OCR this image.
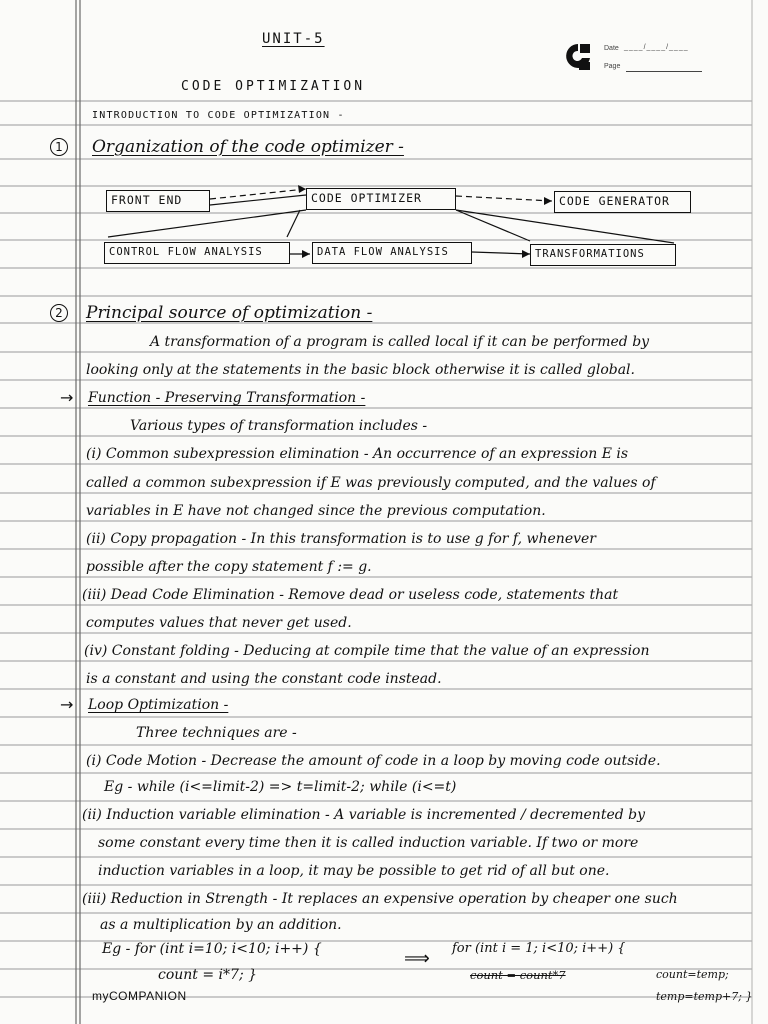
UNIT-5
Date ____/____/____
Page
CODE OPTIMIZATION
INTRODUCTION TO CODE OPTIMIZATION -
1	Organization of the code optimizer -
FRONT END	CODE OPTIMIZER	CODE GENERATOR
CONTROL FLOW ANALYSIS	DATA FLOW ANALYSIS	TRANSFORMATIONS
2	Principal source of optimization -
A transformation of a program is called local if it can be performed by
looking only at the statements in the basic block otherwise it is called global.
→ Function - Preserving Transformation -
Various types of transformation includes -
(i) Common subexpression elimination - An occurrence of an expression E is
called a common subexpression if E was previously computed, and the values of
variables in E have not changed since the previous computation.
(ii) Copy propagation - In this transformation is to use g for f, whenever
possible after the copy statement f := g.
(iii) Dead Code Elimination - Remove dead or useless code, statements that
computes values that never get used.
(iv) Constant folding - Deducing at compile time that the value of an expression
is a constant and using the constant code instead.
→ Loop Optimization -
Three techniques are -
(i) Code Motion - Decrease the amount of code in a loop by moving code outside.
Eg - while (i<=limit-2) => t=limit-2; while (i<=t)
(ii) Induction variable elimination - A variable is incremented / decremented by
some constant every time then it is called induction variable. If two or more
induction variables in a loop, it may be possible to get rid of all but one.
(iii) Reduction in Strength - It replaces an expensive operation by cheaper one such
as a multiplication by an addition.
Eg - for (int i=10; i<10; i++) {
count = i*7; }
⟹ for (int i = 1; i<10; i++) {
count = count*7	count=temp;
temp=temp+7; }
myCOMPANION
